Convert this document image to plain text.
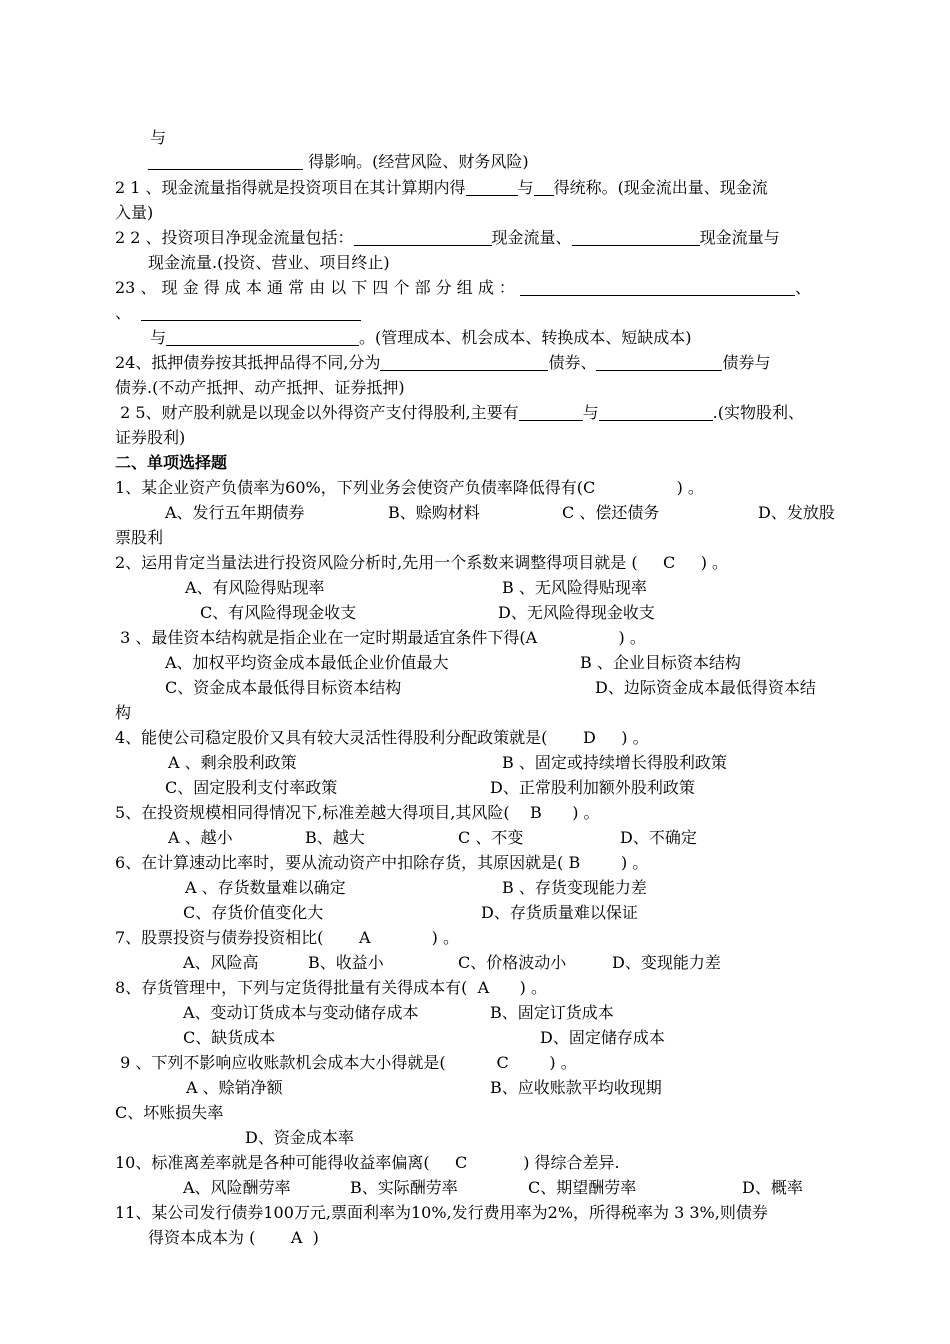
与
得影响。(经营风险、财务风险)
2 1 、现金流量指得就是投资项目在其计算期内得	与 得统称。(现金流出量、现金流
入量)
2 2 、投资项目净现金流量包括：	现金流量、	现金流量与
现金流量.(投资、营业、项目终止)
23 、 现 金 得 成 本 通 常 由 以 下 四 个 部 分 组 成 ：	、
、
与	。(管理成本、机会成本、转换成本、短缺成本)
24、抵押债券按其抵押品得不同,分为	债券、	债券与
债券.(不动产抵押、动产抵押、证券抵押)
2 5、财产股利就是以现金以外得资产支付得股利,主要有	与	.(实物股利、
证券股利)
二、单项选择题
1、某企业资产负债率为60%，下列业务会使资产负债率降低得有(C                ) 。
A、发行五年期债券	B、赊购材料	C 、偿还债务	D、发放股
票股利
2、运用肯定当量法进行投资风险分析时,先用一个系数来调整得项目就是 (     C     ) 。
A、有风险得贴现率	B 、无风险得贴现率
C、有风险得现金收支	D、无风险得现金收支
3 、最佳资本结构就是指企业在一定时期最适宜条件下得(A                ) 。
A、加权平均资金成本最低企业价值最大	B 、企业目标资本结构
C、资金成本最低得目标资本结构	D、边际资金成本最低得资本结
构
4、能使公司稳定股价又具有较大灵活性得股利分配政策就是(       D     ) 。
A 、剩余股利政策	B 、固定或持续增长得股利政策
C、固定股利支付率政策	D、正常股利加额外股利政策
5、在投资规模相同得情况下,标准差越大得项目,其风险(    B      ) 。
A 、越小	B、越大	C 、不变	D、不确定
6、在计算速动比率时，要从流动资产中扣除存货，其原因就是( B        ) 。
A 、存货数量难以确定	B 、存货变现能力差
C、存货价值变化大	D、存货质量难以保证
7、股票投资与债券投资相比(       A            ) 。
A、风险高	B、收益小	C、价格波动小	D、变现能力差
8、存货管理中，下列与定货得批量有关得成本有(  A      ) 。
A、变动订货成本与变动储存成本	B、固定订货成本
C、缺货成本	D、固定储存成本
9 、下列不影响应收账款机会成本大小得就是(          C        ) 。
A 、赊销净额	B、应收账款平均收现期
C、坏账损失率
D、资金成本率
10、标准离差率就是各种可能得收益率偏离(     C           ) 得综合差异.
A、风险酬劳率	B、实际酬劳率	C、期望酬劳率	D、概率
11、某公司发行债券100万元,票面利率为10%,发行费用率为2%，所得税率为 3 3%,则债券
得资本成本为 (       A  )
